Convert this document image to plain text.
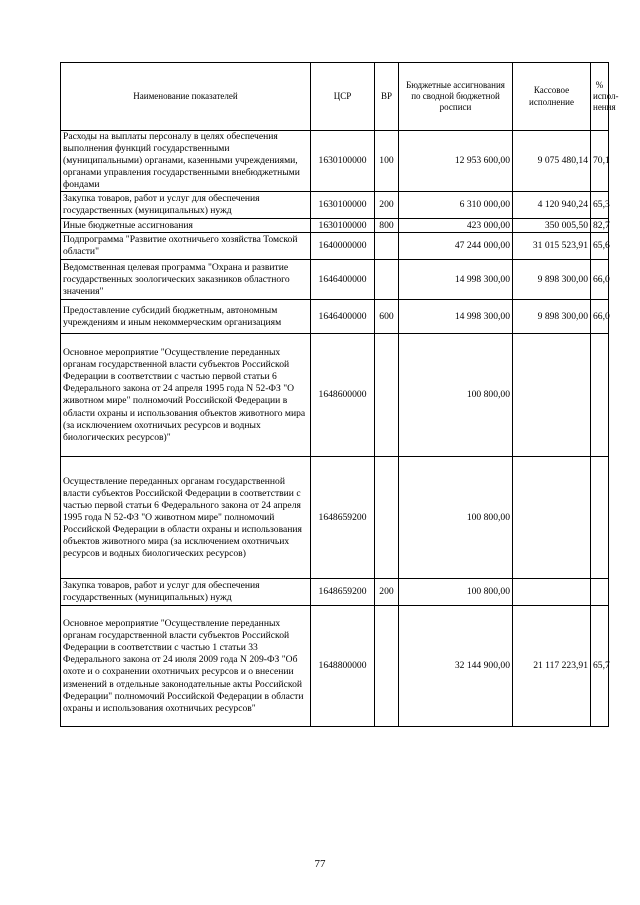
Наименование показателей	ЦСР	ВР	Бюджетные ассигнования по сводной бюджетной росписи	Кассовое исполнение	% испол- нения
Расходы на выплаты персоналу в целях обеспечения выполнения функций государственными (муниципальными) органами, казенными учреждениями, органами управления государственными внебюджетными фондами	1630100000	100	12 953 600,00	9 075 480,14	70,1
Закупка товаров, работ и услуг для обеспечения государственных (муниципальных) нужд	1630100000	200	6 310 000,00	4 120 940,24	65,3
Иные бюджетные ассигнования	1630100000	800	423 000,00	350 005,50	82,7
Подпрограмма "Развитие охотничьего хозяйства Томской области"	1640000000		47 244 000,00	31 015 523,91	65,6
Ведомственная целевая программа "Охрана и развитие государственных зоологических заказников областного значения"	1646400000		14 998 300,00	9 898 300,00	66,0
Предоставление субсидий бюджетным, автономным учреждениям и иным некоммерческим организациям	1646400000	600	14 998 300,00	9 898 300,00	66,0
Основное мероприятие "Осуществление переданных органам государственной власти субъектов Российской Федерации в соответствии с частью первой статьи 6 Федерального закона от 24 апреля 1995 года N 52-ФЗ "О животном мире" полномочий Российской Федерации в области охраны и использования объектов животного мира (за исключением охотничьих ресурсов и водных биологических ресурсов)"	1648600000		100 800,00		
Осуществление переданных органам государственной власти субъектов Российской Федерации в соответствии с частью первой статьи 6 Федерального закона от 24 апреля 1995 года N 52-ФЗ "О животном мире" полномочий Российской Федерации в области охраны и использования объектов животного мира (за исключением охотничьих ресурсов и водных биологических ресурсов)	1648659200		100 800,00		
Закупка товаров, работ и услуг для обеспечения государственных (муниципальных) нужд	1648659200	200	100 800,00		
Основное мероприятие "Осуществление переданных органам государственной власти субъектов Российской Федерации в соответствии с частью 1 статьи 33 Федерального закона от 24 июля 2009 года N 209-ФЗ "Об охоте и о сохранении охотничьих ресурсов и о внесении изменений в отдельные законодательные акты Российской Федерации" полномочий Российской Федерации в области охраны и использования охотничьих ресурсов"	1648800000		32 144 900,00	21 117 223,91	65,7
77
